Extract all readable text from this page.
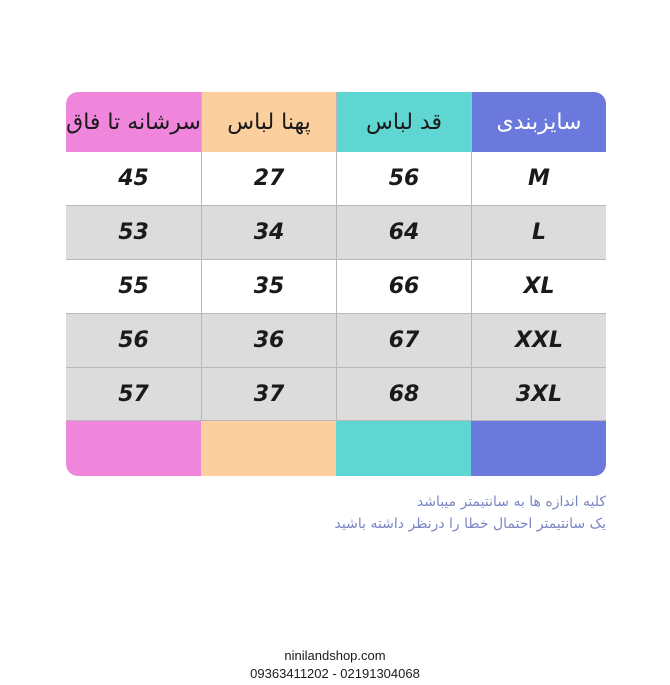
سایزبندی
قد لباس
پهنا لباس
سرشانه تا فاق
M
56
27
45
L
64
34
53
XL
66
35
55
XXL
67
36
56
3XL
68
37
57
کلیه اندازه ها به سانتیمتر میباشد
یک سانتیمتر احتمال خطا را درنظر داشته باشید
ninilandshop.com
09363411202 - 02191304068
